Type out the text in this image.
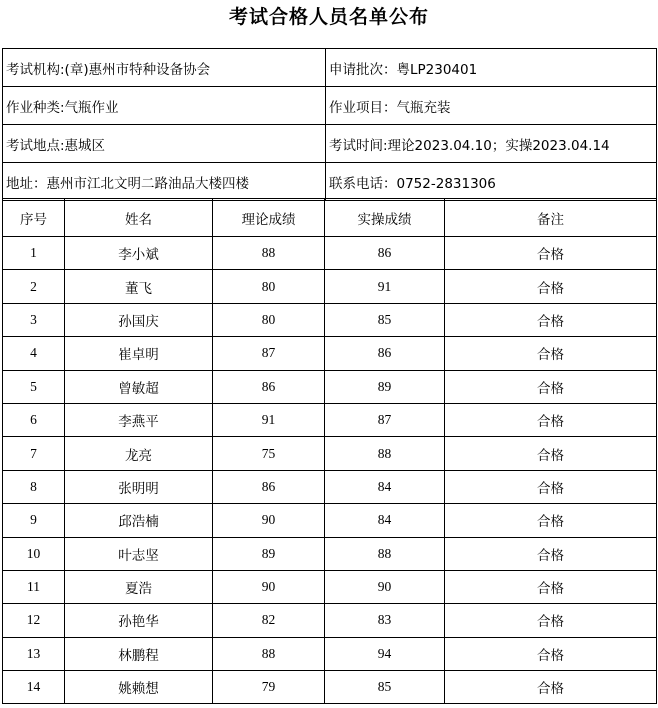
考试合格人员名单公布
考试机构:(章)惠州市特种设备协会	申请批次：粤LP230401
作业种类:气瓶作业	作业项目：气瓶充装
考试地点:惠城区	考试时间:理论2023.04.10；实操2023.04.14
地址：惠州市江北文明二路油品大楼四楼	联系电话：0752-2831306
序号	姓名	理论成绩	实操成绩	备注
1	李小斌	88	86	合格
2	董飞	80	91	合格
3	孙国庆	80	85	合格
4	崔卓明	87	86	合格
5	曾敏超	86	89	合格
6	李燕平	91	87	合格
7	龙亮	75	88	合格
8	张明明	86	84	合格
9	邱浩楠	90	84	合格
10	叶志坚	89	88	合格
11	夏浩	90	90	合格
12	孙艳华	82	83	合格
13	林鹏程	88	94	合格
14	姚赖想	79	85	合格
